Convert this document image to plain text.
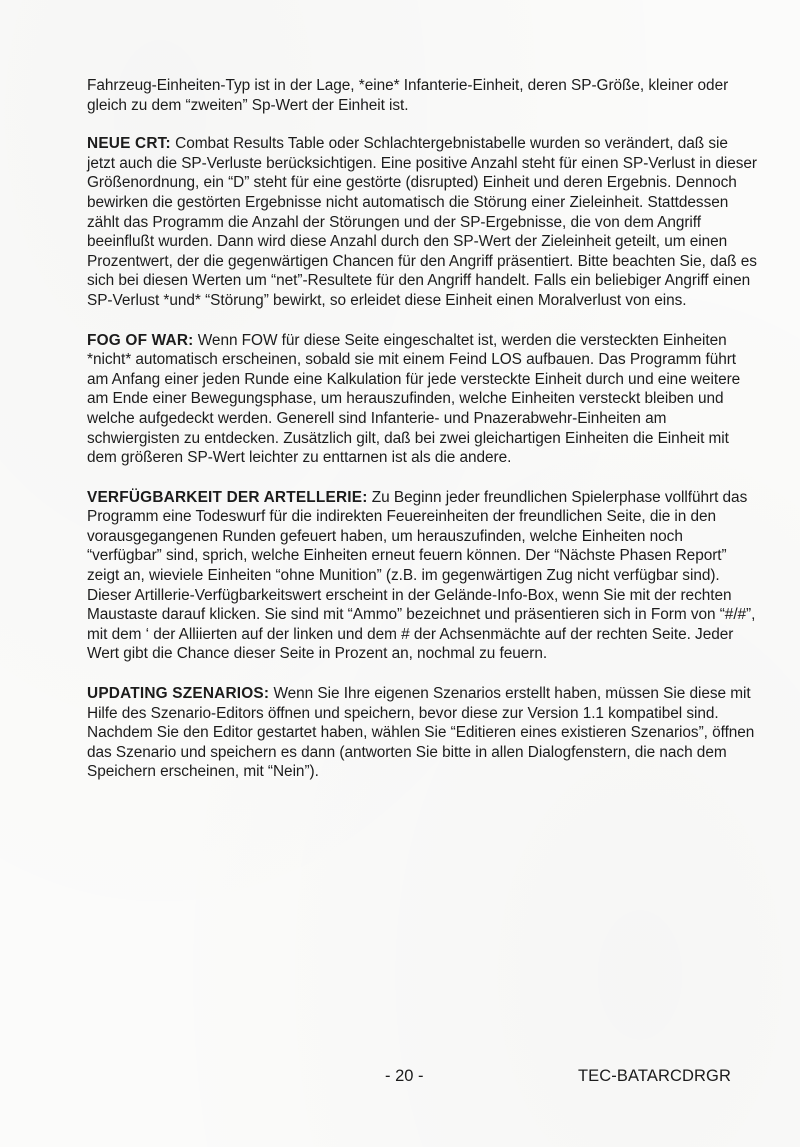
Fahrzeug-Einheiten-Typ ist in der Lage, *eine* Infanterie-Einheit, deren SP-Größe, kleiner oder gleich zu dem “zweiten” Sp-Wert der Einheit ist.

NEUE CRT: Combat Results Table oder Schlachtergebnistabelle wurden so verändert, daß sie jetzt auch die SP-Verluste berücksichtigen. Eine positive Anzahl steht für einen SP-Verlust in dieser Größenordnung, ein “D” steht für eine gestörte (disrupted) Einheit und deren Ergebnis. Dennoch bewirken die gestörten Ergebnisse nicht automatisch die Störung einer Zieleinheit. Stattdessen zählt das Programm die Anzahl der Störungen und der SP-Ergebnisse, die von dem Angriff beeinflußt wurden. Dann wird diese Anzahl durch den SP-Wert der Zieleinheit geteilt, um einen Prozentwert, der die gegenwärtigen Chancen für den Angriff präsentiert. Bitte beachten Sie, daß es sich bei diesen Werten um “net”-Resultete für den Angriff handelt. Falls ein beliebiger Angriff einen SP-Verlust *und* “Störung” bewirkt, so erleidet diese Einheit einen Moralverlust von eins.

FOG OF WAR: Wenn FOW für diese Seite eingeschaltet ist, werden die versteckten Einheiten *nicht* automatisch erscheinen, sobald sie mit einem Feind LOS aufbauen. Das Programm führt am Anfang einer jeden Runde eine Kalkulation für jede versteckte Einheit durch und eine weitere am Ende einer Bewegungsphase, um herauszufinden, welche Einheiten versteckt bleiben und welche aufgedeckt werden. Generell sind Infanterie- und Pnazerabwehr-Einheiten am schwiergisten zu entdecken. Zusätzlich gilt, daß bei zwei gleichartigen Einheiten die Einheit mit dem größeren SP-Wert leichter zu enttarnen ist als die andere.

VERFÜGBARKEIT DER ARTELLERIE: Zu Beginn jeder freundlichen Spielerphase vollführt das Programm eine Todeswurf für die indirekten Feuereinheiten der freundlichen Seite, die in den vorausgegangenen Runden gefeuert haben, um herauszufinden, welche Einheiten noch “verfügbar” sind, sprich, welche Einheiten erneut feuern können. Der “Nächste Phasen Report” zeigt an, wieviele Einheiten “ohne Munition” (z.B. im gegenwärtigen Zug nicht verfügbar sind). Dieser Artillerie-Verfügbarkeitswert erscheint in der Gelände-Info-Box, wenn Sie mit der rechten Maustaste darauf klicken. Sie sind mit “Ammo” bezeichnet und präsentieren sich in Form von “#/#”, mit dem ‘ der Alliierten auf der linken und dem # der Achsenmächte auf der rechten Seite. Jeder Wert gibt die Chance dieser Seite in Prozent an, nochmal zu feuern.

UPDATING SZENARIOS: Wenn Sie Ihre eigenen Szenarios erstellt haben, müssen Sie diese mit Hilfe des Szenario-Editors öffnen und speichern, bevor diese zur Version 1.1 kompatibel sind. Nachdem Sie den Editor gestartet haben, wählen Sie “Editieren eines existieren Szenarios”, öffnen das Szenario und speichern es dann (antworten Sie bitte in allen Dialogfenstern, die nach dem Speichern erscheinen, mit “Nein”).

- 20 -	TEC-BATARCDRGR
